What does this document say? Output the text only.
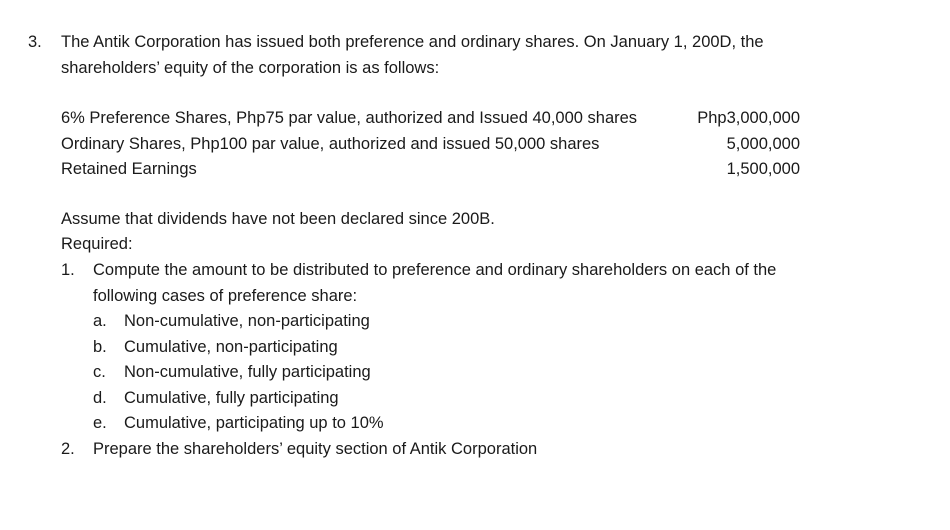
3. The Antik Corporation has issued both preference and ordinary shares. On January 1, 200D, the shareholders’ equity of the corporation is as follows:
6% Preference Shares, Php75 par value, authorized and Issued 40,000 shares	Php3,000,000
Ordinary Shares, Php100 par value, authorized and issued 50,000 shares	5,000,000
Retained Earnings	1,500,000
Assume that dividends have not been declared since 200B.
Required:
1. Compute the amount to be distributed to preference and ordinary shareholders on each of the following cases of preference share:
a. Non-cumulative, non-participating
b. Cumulative, non-participating
c. Non-cumulative, fully participating
d. Cumulative, fully participating
e. Cumulative, participating up to 10%
2. Prepare the shareholders’ equity section of Antik Corporation
